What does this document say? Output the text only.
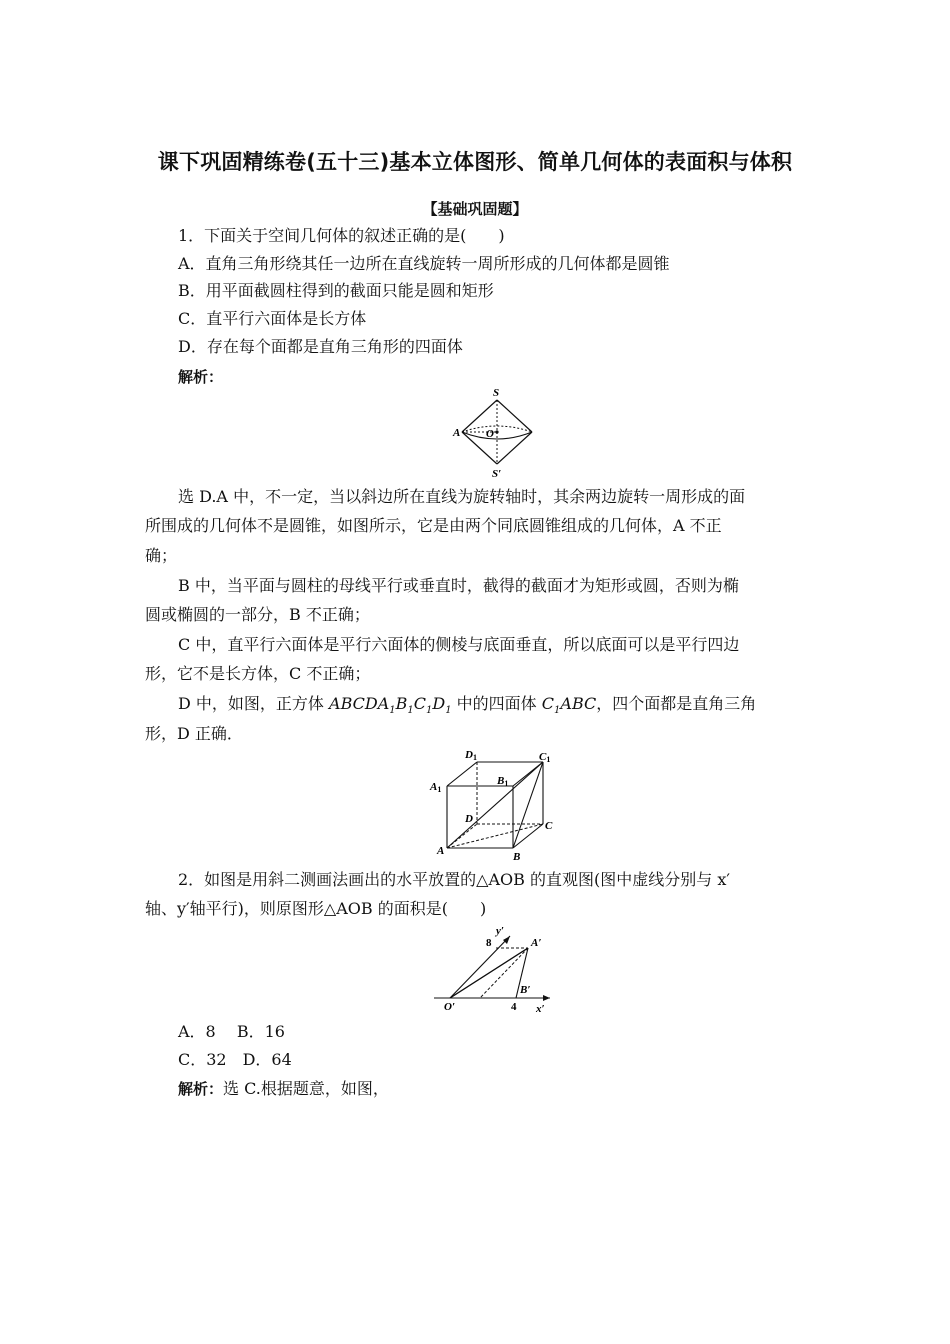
课下巩固精练卷(五十三)基本立体图形、简单几何体的表面积与体积
【基础巩固题】
1．下面关于空间几何体的叙述正确的是(　　)
A．直角三角形绕其任一边所在直线旋转一周所形成的几何体都是圆锥
B．用平面截圆柱得到的截面只能是圆和矩形
C．直平行六面体是长方体
D．存在每个面都是直角三角形的四面体
解析：
S
A O
S′
选 D.A 中，不一定，当以斜边所在直线为旋转轴时，其余两边旋转一周形成的面
所围成的几何体不是圆锥，如图所示，它是由两个同底圆锥组成的几何体，A 不正
确；
B 中，当平面与圆柱的母线平行或垂直时，截得的截面才为矩形或圆，否则为椭
圆或椭圆的一部分，B 不正确；
C 中，直平行六面体是平行六面体的侧棱与底面垂直，所以底面可以是平行四边
形，它不是长方体，C 不正确；
D 中，如图，正方体 $ABCDA_1B_1C_1D_1$ 中的四面体 $C_1ABC$，四个面都是直角三角
形，D 正确．
D1	C1
A1
B1
D
C
A	B
2．如图是用斜二测画法画出的水平放置的△AOB 的直观图(图中虚线分别与 x′
轴、y′轴平行)，则原图形△AOB 的面积是(　　)
8
y′
A′
B′
O′	4 x′
A．8　 B．16
C．32　D．64
解析：选 C.根据题意，如图，
